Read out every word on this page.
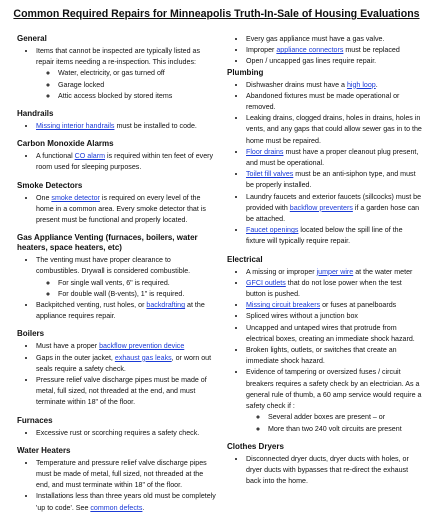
Common Required Repairs for Minneapolis Truth-In-Sale of Housing Evaluations
General
• Items that cannot be inspected are typically listed as repair items needing a re-inspection. This includes:
◦ Water, electricity, or gas turned off
◦ Garage locked
◦ Attic access blocked by stored items
Handrails
• Missing interior handrails must be installed to code.
Carbon Monoxide Alarms
• A functional CO alarm is required within ten feet of every room used for sleeping purposes.
Smoke Detectors
• One smoke detector is required on every level of the home in a common area. Every smoke detector that is present must be functional and properly located.
Gas Appliance Venting (furnaces, boilers, water heaters, space heaters, etc)
• The venting must have proper clearance to combustibles. Drywall is considered combustible.
◦ For single wall vents, 6" is required.
◦ For double wall (B-vents), 1" is required.
• Backpitched venting, rust holes, or backdrafting at the appliance requires repair.
Boilers
• Must have a proper backflow prevention device
• Gaps in the outer jacket, exhaust gas leaks, or worn out seals require a safety check.
• Pressure relief valve discharge pipes must be made of metal, full sized, not threaded at the end, and must terminate within 18" of the floor.
Furnaces
• Excessive rust or scorching requires a safety check.
Water Heaters
• Temperature and pressure relief valve discharge pipes must be made of metal, full sized, not threaded at the end, and must terminate within 18" of the floor.
• Installations less than three years old must be completely 'up to code'. See common defects.
• Every gas appliance must have a gas valve.
• Improper appliance connectors must be replaced
• Open / uncapped gas lines require repair.
Plumbing
• Dishwasher drains must have a high loop.
• Abandoned fixtures must be made operational or removed.
• Leaking drains, clogged drains, holes in drains, holes in vents, and any gaps that could allow sewer gas in to the home must be repaired.
• Floor drains must have a proper cleanout plug present, and must be operational.
• Toilet fill valves must be an anti-siphon type, and must be properly installed.
• Laundry faucets and exterior faucets (sillcocks) must be provided with backflow preventers if a garden hose can be attached.
• Faucet openings located below the spill line of the fixture will typically require repair.
Electrical
• A missing or improper jumper wire at the water meter
• GFCI outlets that do not lose power when the test button is pushed.
• Missing circuit breakers or fuses at panelboards
• Spliced wires without a junction box
• Uncapped and untaped wires that protrude from electrical boxes, creating an immediate shock hazard.
• Broken lights, outlets, or switches that create an immediate shock hazard.
• Evidence of tampering or oversized fuses / circuit breakers requires a safety check by an electrician. As a general rule of thumb, a 60 amp service would require a safety check if :
◦ Several adder boxes are present – or
◦ More than two 240 volt circuits are present
Clothes Dryers
• Disconnected dryer ducts, dryer ducts with holes, or dryer ducts with bypasses that re-direct the exhaust back into the home.
